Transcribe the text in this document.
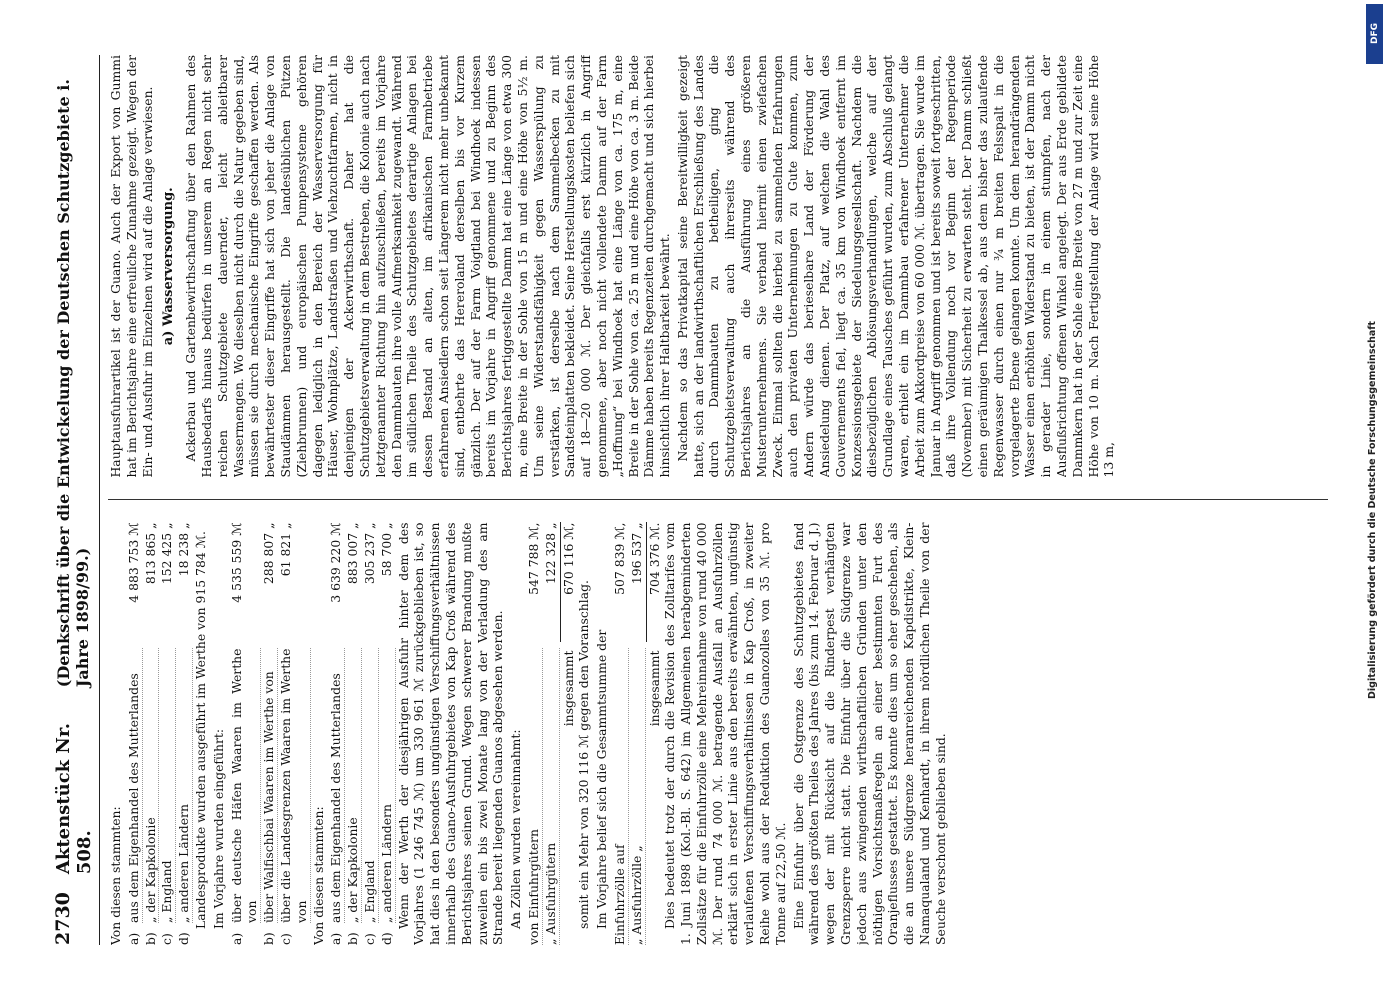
2730
Aktenstück Nr. 508.
(Denkschrift über die Entwickelung der Deutschen Schutzgebiete i. Jahre 1898/99.)

Von diesen stammten: a)
aus dem Eigenhandel des Mutterlandes
4 883 753 ℳ
b)
„ der Kapkolonie
813 865 „
c)
„ England
152 425 „
d)
„ anderen Ländern
18 238 „ Landesprodukte wurden ausgeführt im Werthe von 915 784 ℳ. Im Vorjahre wurden eingeführt:

a)
über deutsche Häfen Waaren im Werthe von
4 535 559 ℳ
b)
über Walfischbai Waaren im Werthe von
288 807 „
c)
über die Landesgrenzen Waaren im Werthe von
61 821 „

Von diesen stammten: a)
aus dem Eigenhandel des Mutterlandes
3 639 220 ℳ
b)
„ der Kapkolonie
883 007 „
c)
„ England
305 237 „
d)
„ anderen Ländern
58 700 „ Wenn der Werth der diesjährigen Ausfuhr hinter dem des Vorjahres (1 246 745 ℳ) um 330 961 ℳ zurückgeblieben ist, so hat dies in den besonders ungünstigen Verschiffungsverhältnissen innerhalb des Guano-Ausfuhrgebietes von Kap Croß während des Berichtsjahres seinen Grund. Wegen schwerer Brandung mußte zuweilen ein bis zwei Monate lang von der Verladung des am Strande bereit liegenden Guanos abgesehen werden. An Zöllen wurden vereinnahmt: von Einfuhrgütern
547 788 ℳ,
„ Ausfuhrgütern
122 328 „
insgesammt
670 116 ℳ,

somit ein Mehr von 320 116 ℳ gegen den Voranschlag. Im Vorjahre belief sich die Gesammtsumme der Einfuhrzölle auf
507 839 ℳ,
„ Ausfuhrzölle „
196 537 „
insgesammt
704 376 ℳ. Dies bedeutet trotz der durch die Revision des Zolltarifes vom 1. Juni 1898 (Kol.-Bl. S. 642) im Allgemeinen herabgeminderten Zollsätze für die Einfuhrzölle eine Mehreinnahme von rund 40 000 ℳ. Der rund 74 000 ℳ. betragende Ausfall an Ausfuhrzöllen erklärt sich in erster Linie aus den bereits erwähnten, ungünstig verlaufenen Verschiffungsverhältnissen in Kap Croß, in zweiter Reihe wohl aus der Reduktion des Guanozolles von 35 ℳ. pro Tonne auf 22,50 ℳ. Eine Einfuhr über die Ostgrenze des Schutzgebietes fand während des größten Theiles des Jahres (bis zum 14. Februar d. J.) wegen der mit Rücksicht auf die Rinderpest verhängten Grenzsperre nicht statt. Die Einfuhr über die Südgrenze war jedoch aus zwingenden wirthschaftlichen Gründen unter den nöthigen Vorsichtsmaßregeln an einer bestimmten Furt des Oranjeflusses gestattet. Es konnte dies um so eher geschehen, als die an unsere Südgrenze heranreichenden Kapdistrikte, Klein-Namaqualand und Kenhardt, in ihrem nördlichen Theile von der Seuche verschont geblieben sind.

Hauptausfuhrartikel ist der Guano. Auch der Export von Gummi hat im Berichtsjahre eine erfreuliche Zunahme gezeigt. Wegen der Ein- und Ausfuhr im Einzelnen wird auf die Anlage verwiesen. a) Wasserversorgung. Ackerbau und Gartenbewirthschaftung über den Rahmen des Hausbedarfs hinaus bedürfen in unserem an Regen nicht sehr reichen Schutzgebiete dauernder, leicht ableitbarer Wassermengen. Wo dieselben nicht durch die Natur gegeben sind, müssen sie durch mechanische Eingriffe geschaffen werden. Als bewährtester dieser Eingriffe hat sich von jeher die Anlage von Staudämmen herausgestellt. Die landesüblichen Pützen (Ziehbrunnen) und europäischen Pumpensysteme gehören dagegen lediglich in den Bereich der Wasserversorgung für Häuser, Wohnplätze, Landstraßen und Viehzuchtfarmen, nicht in denjenigen der Ackerwirthschaft. Daher hat die Schutzgebietsverwaltung in dem Bestreben, die Kolonie auch nach letztgenannter Richtung hin aufzuschließen, bereits im Vorjahre den Dammbauten ihre volle Aufmerksamkeit zugewandt. Während im südlichen Theile des Schutzgebietes derartige Anlagen bei dessen Bestand an alten, im afrikanischen Farmbetriebe erfahrenen Ansiedlern schon seit Längerem nicht mehr unbekannt sind, entbehrte das Hereroland derselben bis vor Kurzem gänzlich. Der auf der Farm Voigtland bei Windhoek indessen bereits im Vorjahre in Angriff genommene und zu Beginn des Berichtsjahres fertiggestellte Damm hat eine Länge von etwa 300 m, eine Breite in der Sohle von 15 m und eine Höhe von 5½ m. Um seine Widerstandsfähigkeit gegen Wasserspülung zu verstärken, ist derselbe nach dem Sammelbecken zu mit Sandsteinplatten bekleidet. Seine Herstellungskosten beliefen sich auf 18—20 000 ℳ. Der gleichfalls erst kürzlich in Angriff genommene, aber noch nicht vollendete Damm auf der Farm „Hoffnung“ bei Windhoek hat eine Länge von ca. 175 m, eine Breite in der Sohle von ca. 25 m und eine Höhe von ca. 3 m. Beide Dämme haben bereits Regenzeiten durchgemacht und sich hierbei hinsichtlich ihrer Haltbarkeit bewährt. Nachdem so das Privatkapital seine Bereitwilligkeit gezeigt hatte, sich an der landwirthschaftlichen Erschließung des Landes durch Dammbauten zu betheiligen, ging die Schutzgebietsverwaltung auch ihrerseits während des Berichtsjahres an die Ausführung eines größeren Musterunternehmens. Sie verband hiermit einen zwiefachen Zweck. Einmal sollten die hierbei zu sammelnden Erfahrungen auch den privaten Unternehmungen zu Gute kommen, zum Andern würde das berieselbare Land der Förderung der Ansiedelung dienen. Der Platz, auf welchen die Wahl des Gouvernements fiel, liegt ca. 35 km von Windhoek entfernt im Konzessionsgebiete der Siedelungsgesellschaft. Nachdem die diesbezüglichen Ablösungsverhandlungen, welche auf der Grundlage eines Tausches geführt wurden, zum Abschluß gelangt waren, erhielt ein im Dammbau erfahrener Unternehmer die Arbeit zum Akkordpreise von 60 000 ℳ. übertragen. Sie wurde im Januar in Angriff genommen und ist bereits soweit fortgeschritten, daß ihre Vollendung noch vor Beginn der Regenperiode (November) mit Sicherheit zu erwarten steht. Der Damm schließt einen geräumigen Thalkessel ab, aus dem bisher das zulaufende Regenwasser durch einen nur ¾ m breiten Felsspalt in die vorgelagerte Ebene gelangen konnte. Um dem herandrängenden Wasser einen erhöhten Widerstand zu bieten, ist der Damm nicht in gerader Linie, sondern in einem stumpfen, nach der Ausflußrichtung offenen Winkel angelegt. Der aus Erde gebildete Dammkern hat in der Sohle eine Breite von 27 m und zur Zeit eine Höhe von 10 m. Nach Fertigstellung der Anlage wird seine Höhe 13 m,

DFG
Digitalisierung gefördert durch die Deutsche Forschungsgemeinschaft
